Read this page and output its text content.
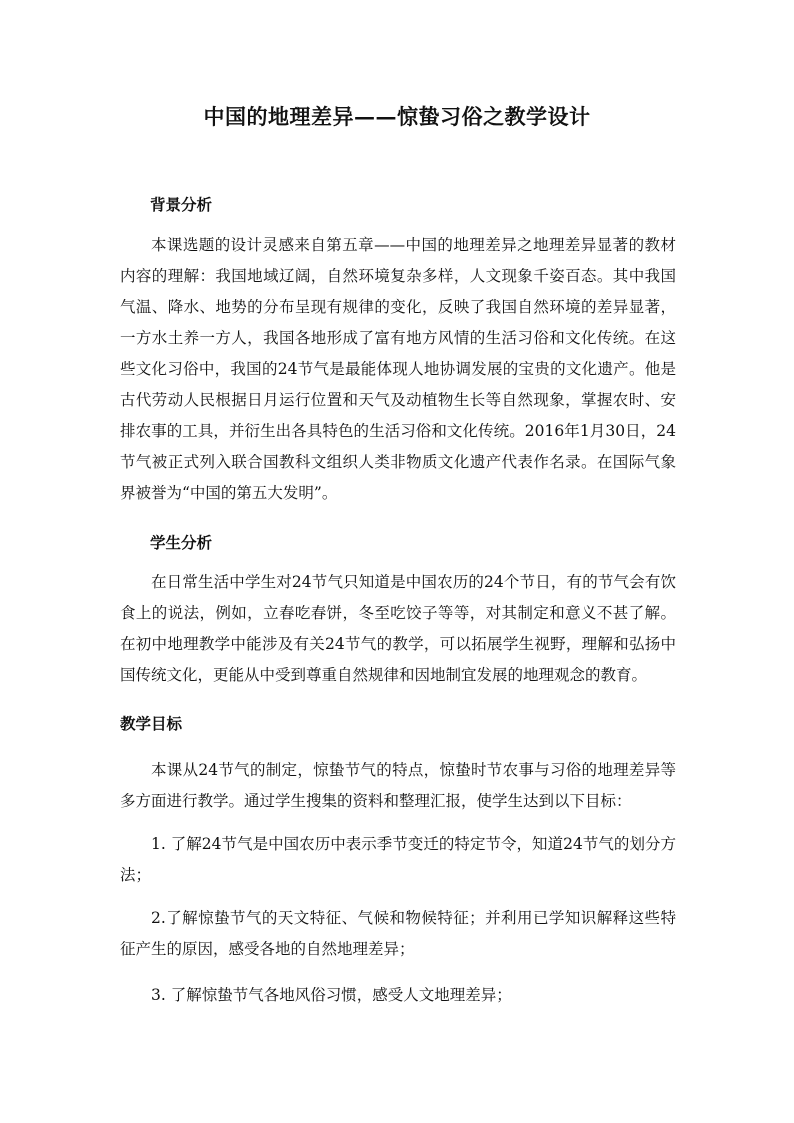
中国的地理差异——惊蛰习俗之教学设计
背景分析

本课选题的设计灵感来自第五章——中国的地理差异之地理差异显著的教材内容的理解：我国地域辽阔，自然环境复杂多样，人文现象千姿百态。其中我国气温、降水、地势的分布呈现有规律的变化，反映了我国自然环境的差异显著，一方水土养一方人，我国各地形成了富有地方风情的生活习俗和文化传统。在这些文化习俗中，我国的24节气是最能体现人地协调发展的宝贵的文化遗产。他是古代劳动人民根据日月运行位置和天气及动植物生长等自然现象，掌握农时、安排农事的工具，并衍生出各具特色的生活习俗和文化传统。2016年1月30日，24节气被正式列入联合国教科文组织人类非物质文化遗产代表作名录。在国际气象界被誉为“中国的第五大发明”。

学生分析

在日常生活中学生对24节气只知道是中国农历的24个节日，有的节气会有饮食上的说法，例如，立春吃春饼，冬至吃饺子等等，对其制定和意义不甚了解。在初中地理教学中能涉及有关24节气的教学，可以拓展学生视野，理解和弘扬中国传统文化，更能从中受到尊重自然规律和因地制宜发展的地理观念的教育。

教学目标

本课从24节气的制定，惊蛰节气的特点，惊蛰时节农事与习俗的地理差异等多方面进行教学。通过学生搜集的资料和整理汇报，使学生达到以下目标：

1. 了解24节气是中国农历中表示季节变迁的特定节令，知道24节气的划分方法；

2.了解惊蛰节气的天文特征、气候和物候特征；并利用已学知识解释这些特征产生的原因，感受各地的自然地理差异；

3. 了解惊蛰节气各地风俗习惯，感受人文地理差异；
